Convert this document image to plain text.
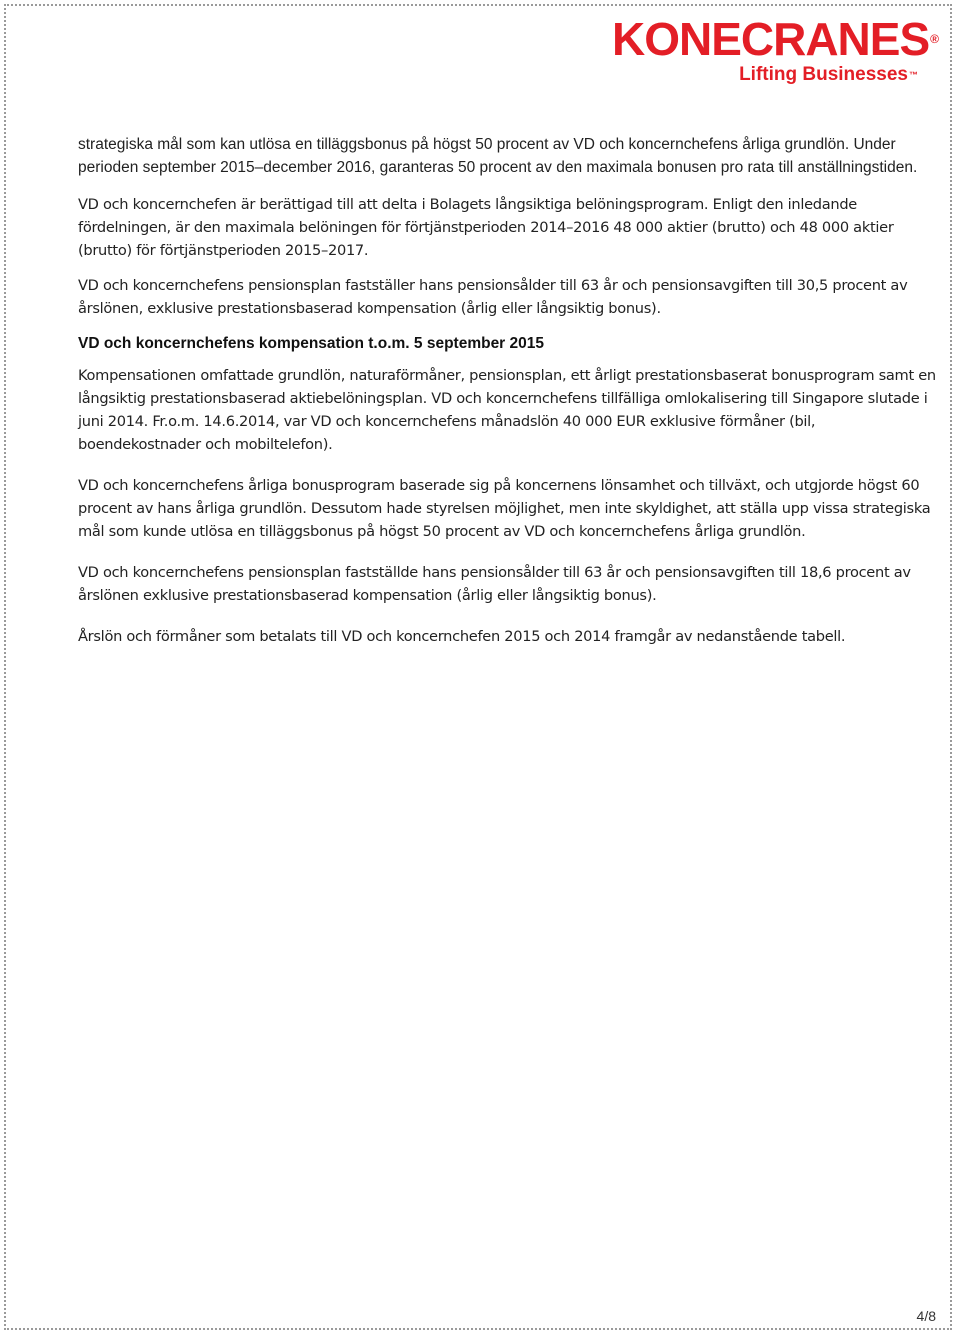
KONECRANES®
Lifting Businesses™

strategiska mål som kan utlösa en tilläggsbonus på högst 50 procent av VD och koncernchefens årliga grundlön. Under perioden september 2015–december 2016, garanteras 50 procent av den maximala bonusen pro rata till anställningstiden.

VD och koncernchefen är berättigad till att delta i Bolagets långsiktiga belöningsprogram. Enligt den inledande fördelningen, är den maximala belöningen för förtjänstperioden 2014–2016 48 000 aktier (brutto) och 48 000 aktier (brutto) för förtjänstperioden 2015–2017.

VD och koncernchefens pensionsplan fastställer hans pensionsålder till 63 år och pensionsavgiften till 30,5 procent av årslönen, exklusive prestationsbaserad kompensation (årlig eller långsiktig bonus).

VD och koncernchefens kompensation t.o.m. 5 september 2015

Kompensationen omfattade grundlön, naturaförmåner, pensionsplan, ett årligt prestationsbaserat bonusprogram samt en långsiktig prestationsbaserad aktiebelöningsplan. VD och koncernchefens tillfälliga omlokalisering till Singapore slutade i juni 2014. Fr.o.m. 14.6.2014, var VD och koncernchefens månadslön 40 000 EUR exklusive förmåner (bil, boendekostnader och mobiltelefon).

VD och koncernchefens årliga bonusprogram baserade sig på koncernens lönsamhet och tillväxt, och utgjorde högst 60 procent av hans årliga grundlön. Dessutom hade styrelsen möjlighet, men inte skyldighet, att ställa upp vissa strategiska mål som kunde utlösa en tilläggsbonus på högst 50 procent av VD och koncernchefens årliga grundlön.

VD och koncernchefens pensionsplan fastställde hans pensionsålder till 63 år och pensionsavgiften till 18,6 procent av årslönen exklusive prestationsbaserad kompensation (årlig eller långsiktig bonus).

Årslön och förmåner som betalats till VD och koncernchefen 2015 och 2014 framgår av nedanstående tabell.

4/8
